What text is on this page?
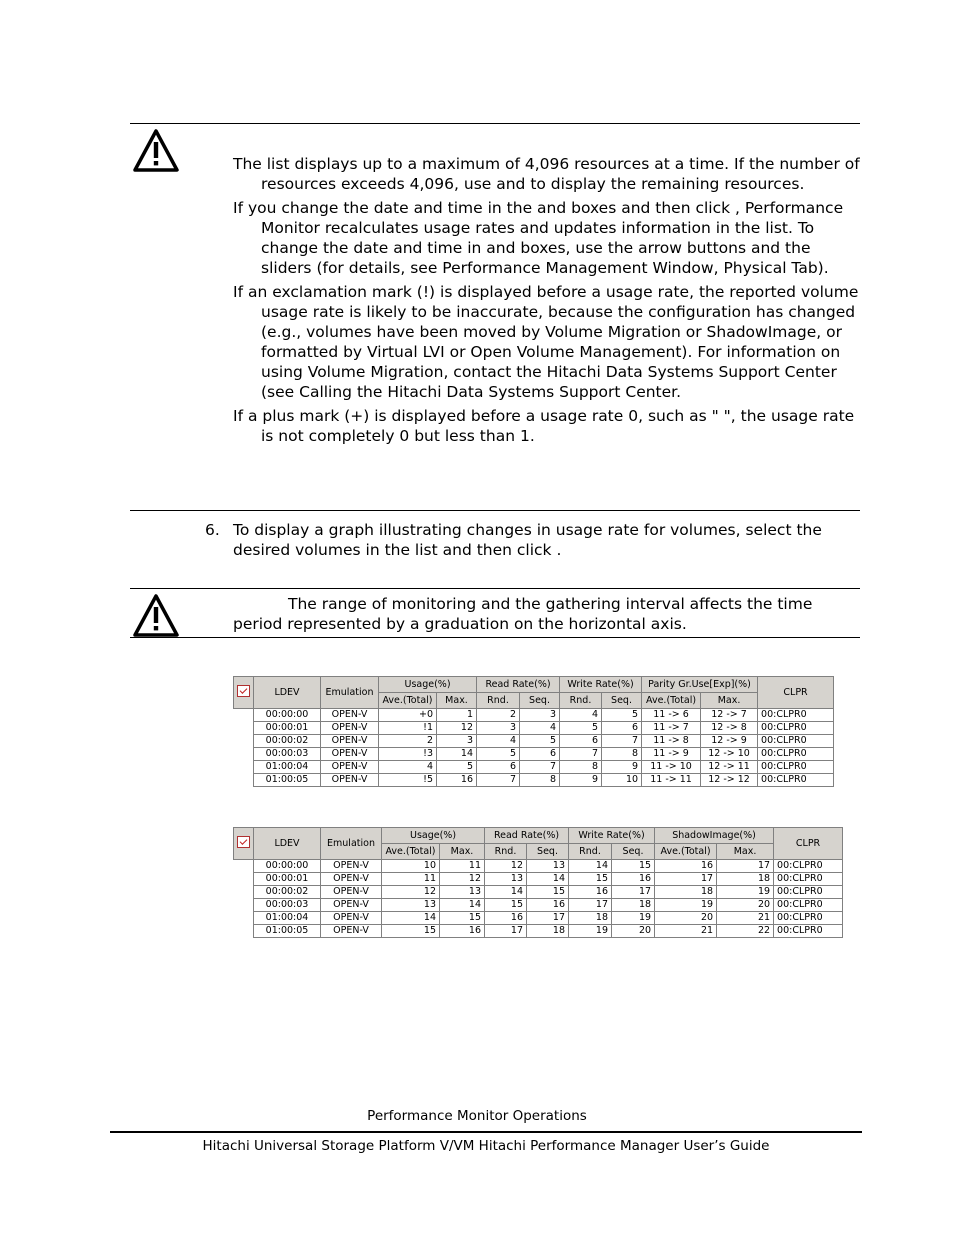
The list displays up to a maximum of 4,096 resources at a time. If the number of resources exceeds 4,096, use and to display the remaining resources.

If you change the date and time in the and boxes and then click , Performance Monitor recalculates usage rates and updates information in the list. To change the date and time in and boxes, use the arrow buttons and the sliders (for details, see Performance Management Window, Physical Tab).

If an exclamation mark (!) is displayed before a usage rate, the reported volume usage rate is likely to be inaccurate, because the configuration has changed (e.g., volumes have been moved by Volume Migration or ShadowImage, or formatted by Virtual LVI or Open Volume Management). For information on using Volume Migration, contact the Hitachi Data Systems Support Center (see Calling the Hitachi Data Systems Support Center.

If a plus mark (+) is displayed before a usage rate 0, such as " ", the usage rate is not completely 0 but less than 1.

6. To display a graph illustrating changes in usage rate for volumes, select the desired volumes in the list and then click .
The range of monitoring and the gathering interval affects the time period represented by a graduation on the horizontal axis.
	LDEV	Emulation	Usage(%)		Read Rate(%)		Write Rate(%)		Parity Gr.Use[Exp](%)		CLPR
			Ave.(Total)	Max.	Rnd.	Seq.	Rnd.	Seq.	Ave.(Total)	Max.	
	00:00:00	OPEN-V	+0	1	2	3	4	5	11 -> 6	12 -> 7	00:CLPR0
	00:00:01	OPEN-V	!1	12	3	4	5	6	11 -> 7	12 -> 8	00:CLPR0
	00:00:02	OPEN-V	2	3	4	5	6	7	11 -> 8	12 -> 9	00:CLPR0
	00:00:03	OPEN-V	!3	14	5	6	7	8	11 -> 9	12 -> 10	00:CLPR0
	01:00:04	OPEN-V	4	5	6	7	8	9	11 -> 10	12 -> 11	00:CLPR0
	01:00:05	OPEN-V	!5	16	7	8	9	10	11 -> 11	12 -> 12	00:CLPR0
	LDEV	Emulation	Usage(%)		Read Rate(%)		Write Rate(%)		ShadowImage(%)		CLPR
			Ave.(Total)	Max.	Rnd.	Seq.	Rnd.	Seq.	Ave.(Total)	Max.	
	00:00:00	OPEN-V	10	11	12	13	14	15	16	17	00:CLPR0
	00:00:01	OPEN-V	11	12	13	14	15	16	17	18	00:CLPR0
	00:00:02	OPEN-V	12	13	14	15	16	17	18	19	00:CLPR0
	00:00:03	OPEN-V	13	14	15	16	17	18	19	20	00:CLPR0
	01:00:04	OPEN-V	14	15	16	17	18	19	20	21	00:CLPR0
	01:00:05	OPEN-V	15	16	17	18	19	20	21	22	00:CLPR0
Performance Monitor Operations
Hitachi Universal Storage Platform V/VM Hitachi Performance Manager User’s Guide
